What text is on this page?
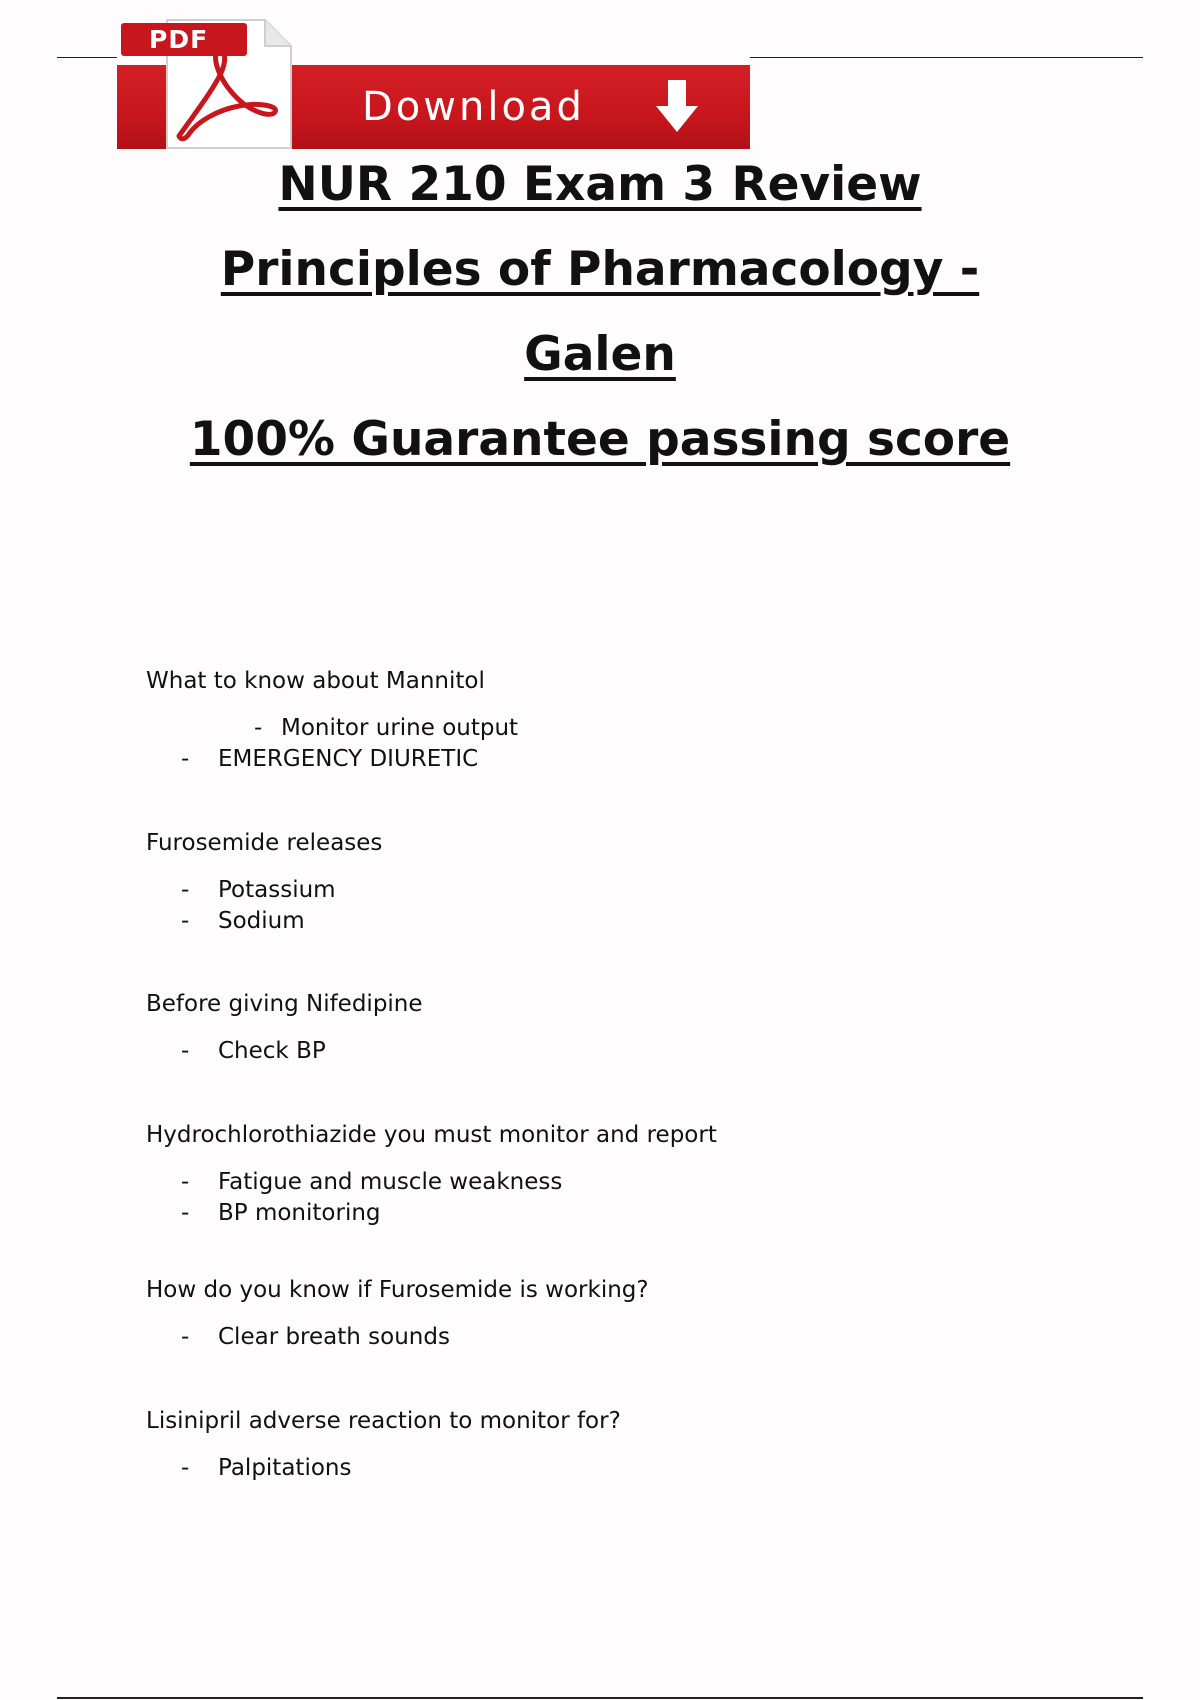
PDF
Download
NUR 210 Exam 3 Review
Principles of Pharmacology -
Galen
100% Guarantee passing score

What to know about Mannitol

- Monitor urine output
- EMERGENCY DIURETIC

Furosemide releases

- Potassium
- Sodium

Before giving Nifedipine

- Check BP

Hydrochlorothiazide you must monitor and report

- Fatigue and muscle weakness
- BP monitoring

How do you know if Furosemide is working?

- Clear breath sounds

Lisinipril adverse reaction to monitor for?

- Palpitations
